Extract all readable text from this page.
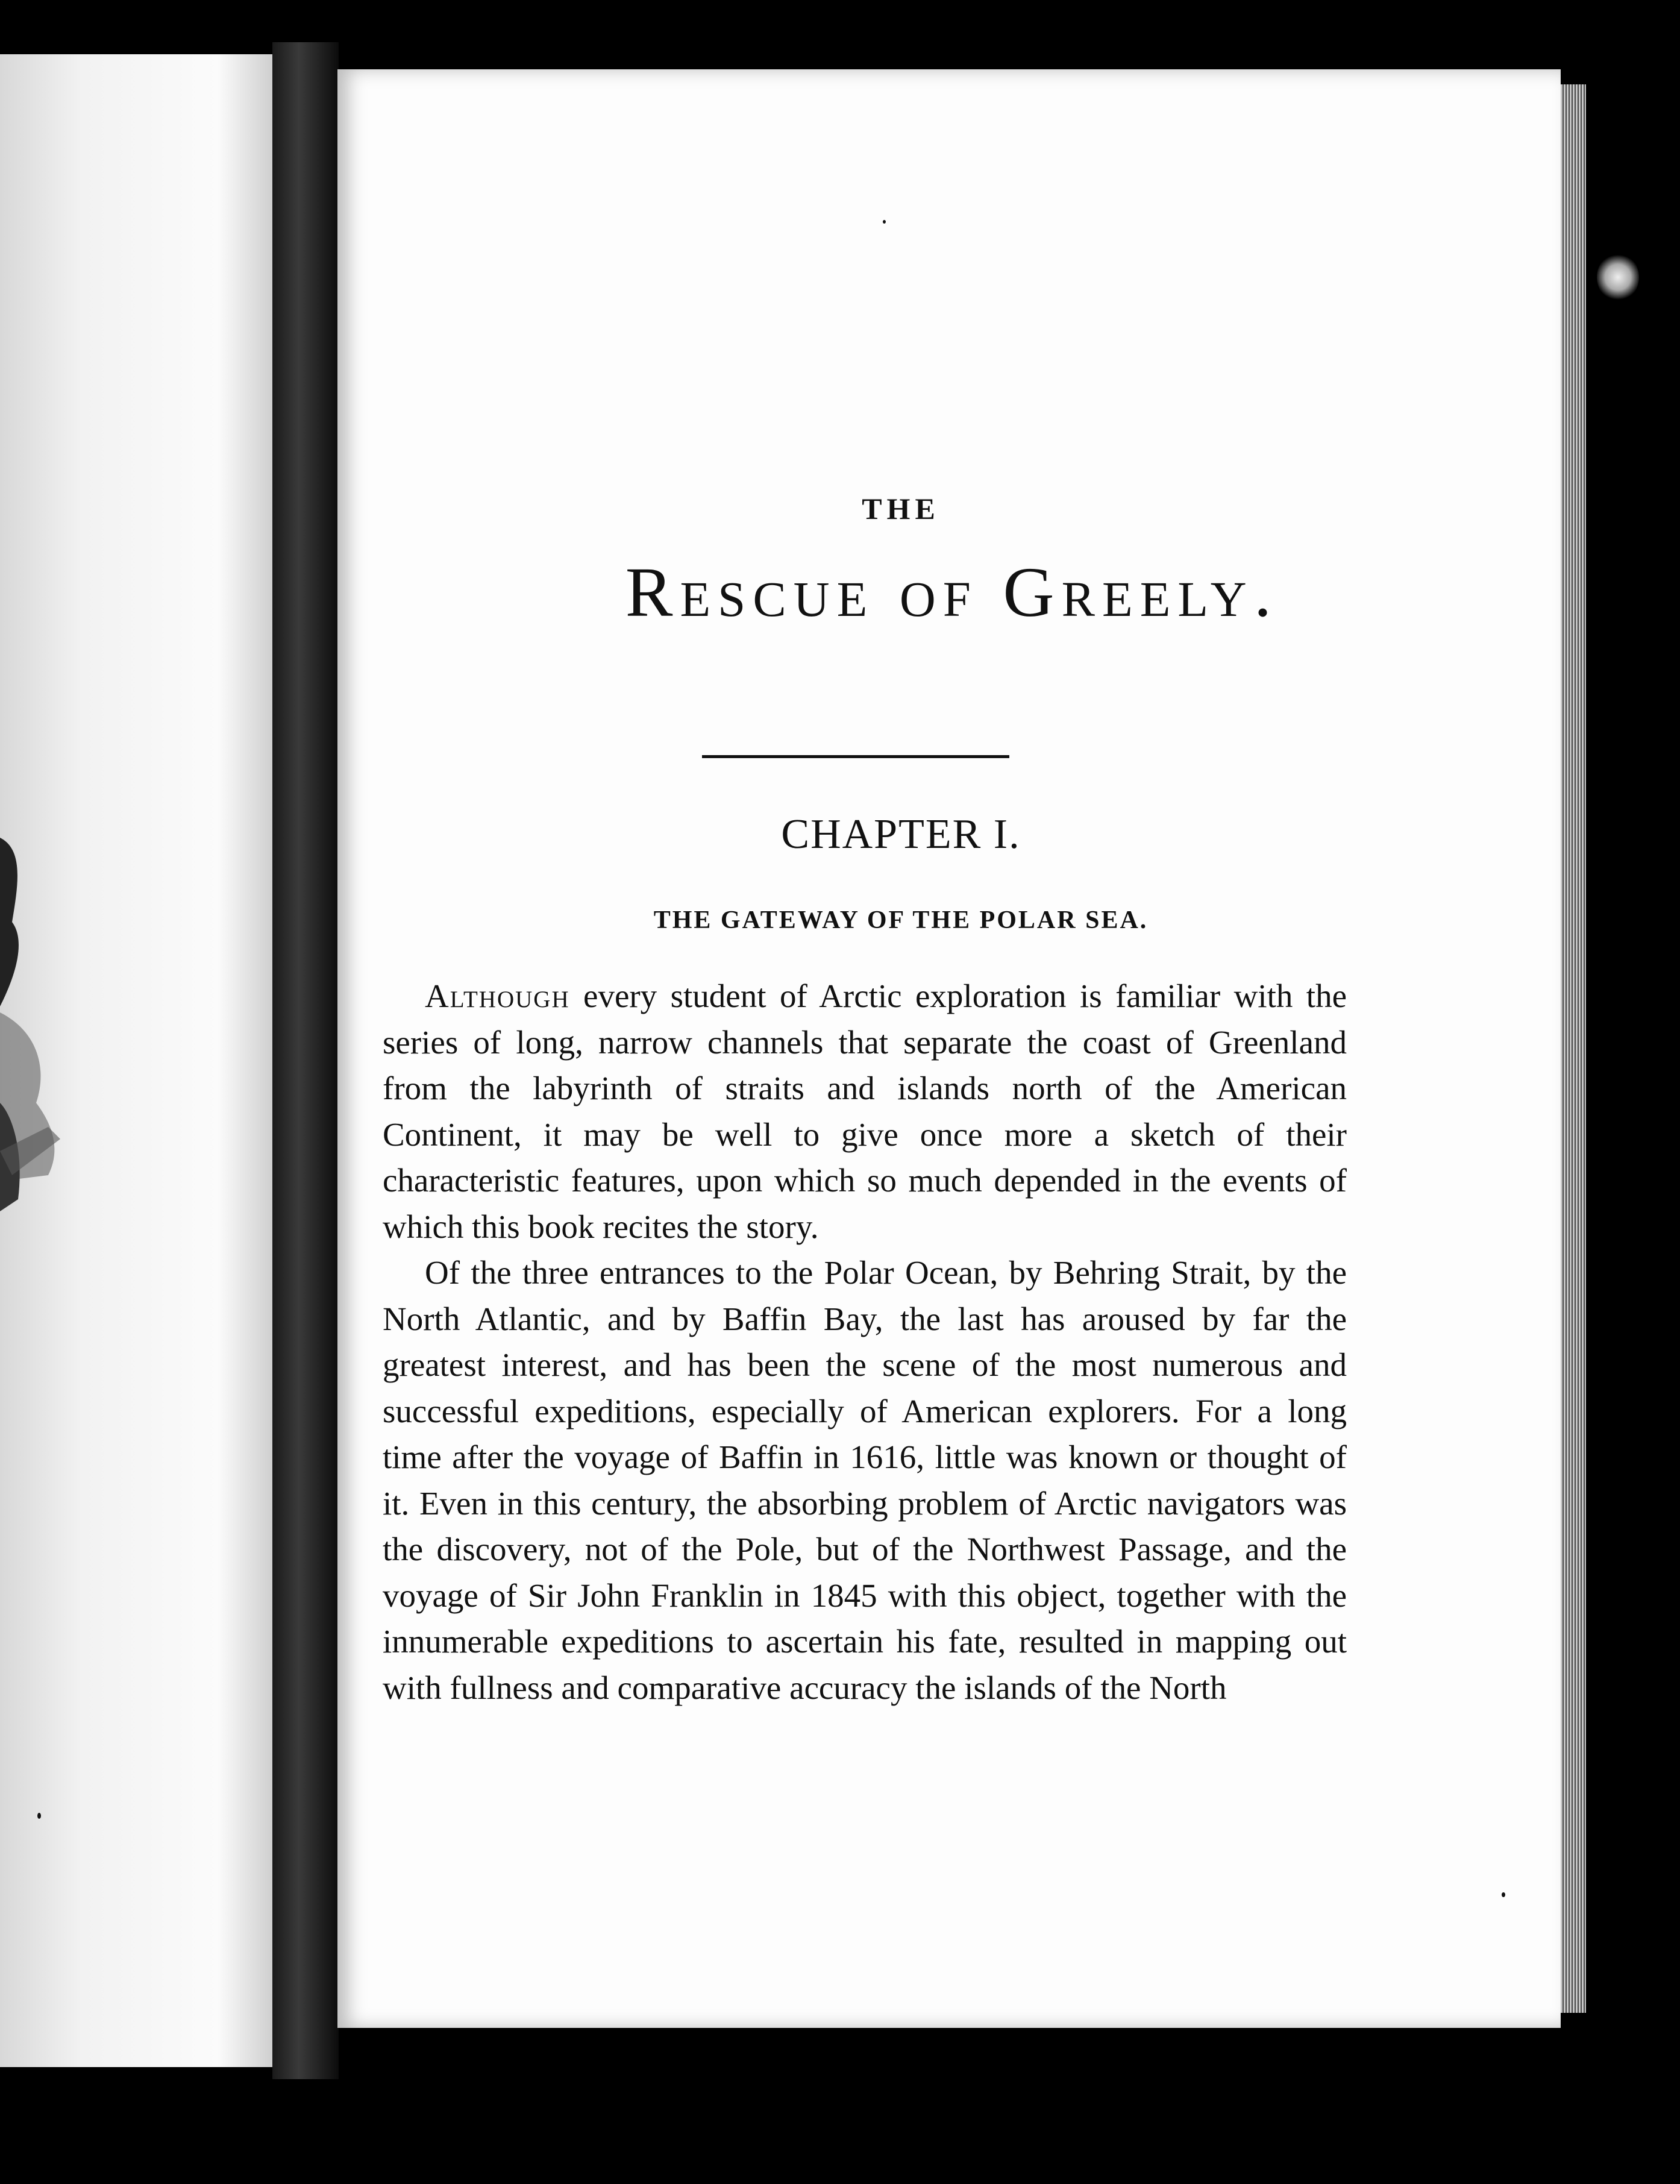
THE
Rescue of Greely.
CHAPTER I.
THE GATEWAY OF THE POLAR SEA.

Although every student of Arctic exploration is familiar with the series of long, narrow channels that separate the coast of Greenland from the labyrinth of straits and islands north of the American Continent, it may be well to give once more a sketch of their characteristic features, upon which so much depended in the events of which this book recites the story.

Of the three entrances to the Polar Ocean, by Behring Strait, by the North Atlantic, and by Baffin Bay, the last has aroused by far the greatest interest, and has been the scene of the most numerous and successful expeditions, especially of American explorers. For a long time after the voyage of Baffin in 1616, little was known or thought of it. Even in this century, the absorbing problem of Arctic navigators was the discovery, not of the Pole, but of the Northwest Passage, and the voyage of Sir John Franklin in 1845 with this object, together with the innumerable expeditions to ascertain his fate, resulted in mapping out with fullness and comparative accuracy the islands of the North
